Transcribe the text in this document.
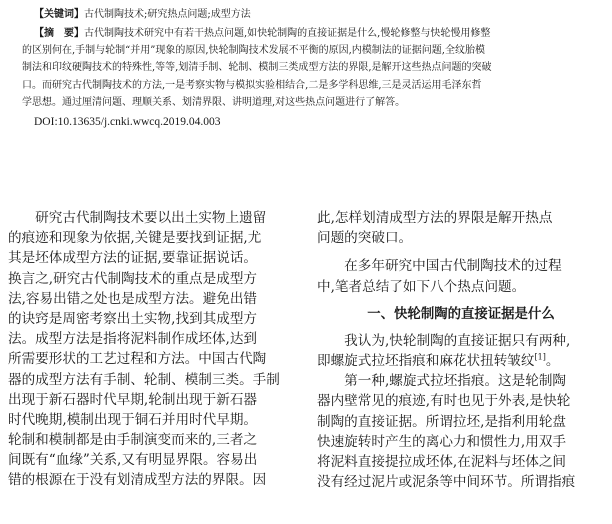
【关键词】古代制陶技术;研究热点问题;成型方法
【摘　要】古代制陶技术研究中有若干热点问题,如快轮制陶的直接证据是什么,慢轮修整与快轮慢用修整
的区别何在,手制与轮制“并用”现象的原因,快轮制陶技术发展不平衡的原因,内模制法的证据问题,全纹胎模
制法和印纹硬陶技术的特殊性,等等,划清手制、轮制、模制三类成型方法的界限,是解开这些热点问题的突破
口。而研究古代制陶技术的方法,一是考察实物与模拟实验相结合,二是多学科思维,三是灵活运用毛泽东哲
学思想。通过厘清问题、理顺关系、划清界限、讲明道理,对这些热点问题进行了解答。
DOI:10.13635/j.cnki.wwcq.2019.04.003
　　研究古代制陶技术要以出土实物上遗留
的痕迹和现象为依据,关键是要找到证据,尤
其是坯体成型方法的证据,要靠证据说话。
换言之,研究古代制陶技术的重点是成型方
法,容易出错之处也是成型方法。避免出错
的诀窍是周密考察出土实物,找到其成型方
法。成型方法是指将泥料制作成坯体,达到
所需要形状的工艺过程和方法。中国古代陶
器的成型方法有手制、轮制、模制三类。手制
出现于新石器时代早期,轮制出现于新石器
时代晚期,模制出现于铜石并用时代早期。
轮制和模制都是由手制演变而来的,三者之
间既有“血缘”关系,又有明显界限。容易出
错的根源在于没有划清成型方法的界限。因
此,怎样划清成型方法的界限是解开热点
问题的突破口。
　　在多年研究中国古代制陶技术的过程
中,笔者总结了如下八个热点问题。
一、快轮制陶的直接证据是什么
　　我认为,快轮制陶的直接证据只有两种,
即螺旋式拉坯指痕和麻花状扭转皱纹[1]。
　　第一种,螺旋式拉坯指痕。这是轮制陶
器内壁常见的痕迹,有时也见于外表,是快轮
制陶的直接证据。所谓拉坯,是指利用轮盘
快速旋转时产生的离心力和惯性力,用双手
将泥料直接提拉成坯体,在泥料与坯体之间
没有经过泥片或泥条等中间环节。所谓指痕
